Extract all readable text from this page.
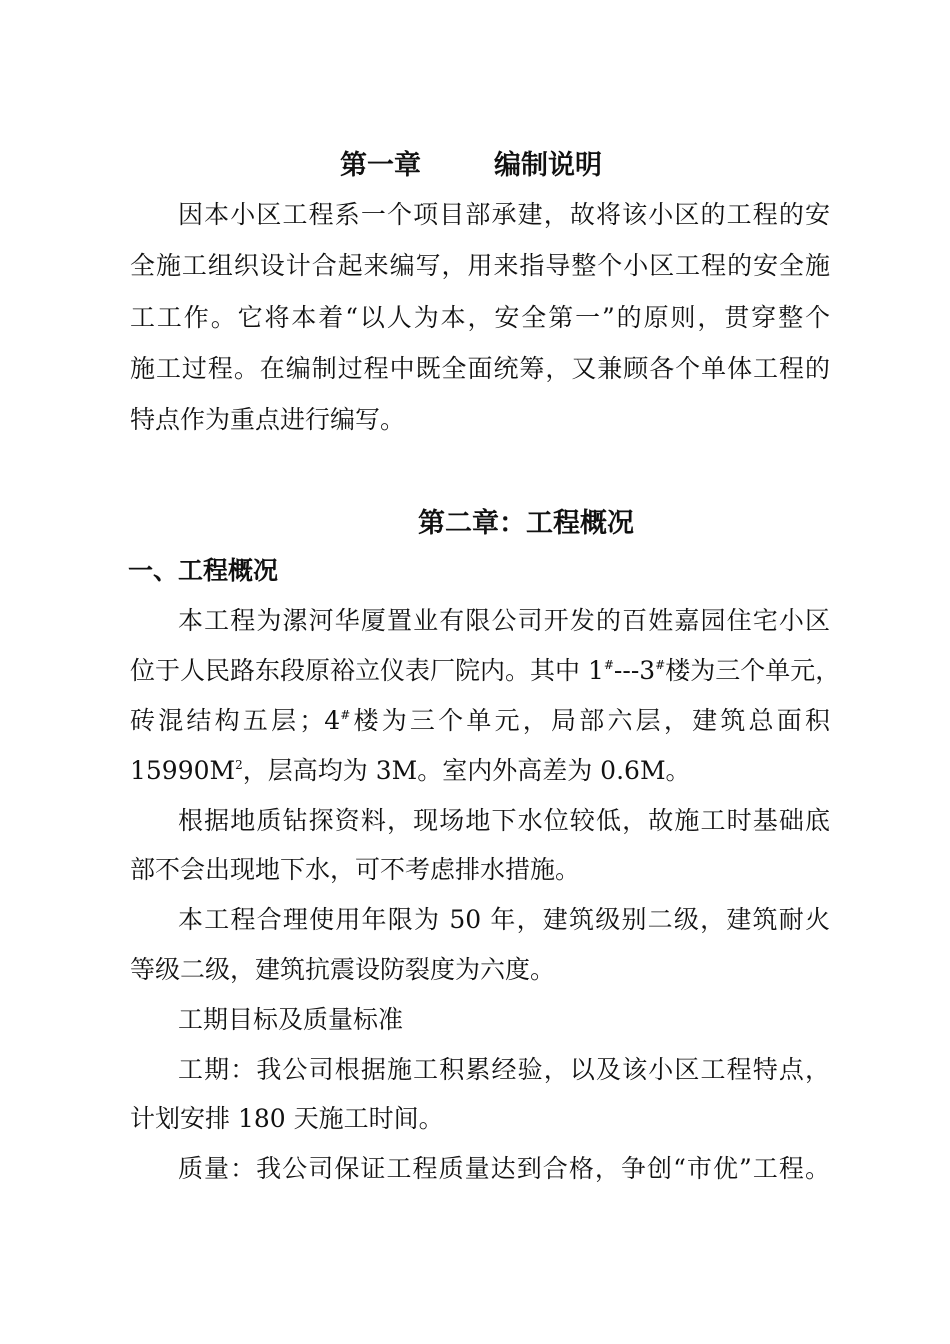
第一章	编制说明
因本小区工程系一个项目部承建，故将该小区的工程的安
全施工组织设计合起来编写，用来指导整个小区工程的安全施
工工作。它将本着“以人为本，安全第一”的原则，贯穿整个
施工过程。在编制过程中既全面统筹，又兼顾各个单体工程的
特点作为重点进行编写。
第二章：工程概况
一、工程概况
本工程为漯河华厦置业有限公司开发的百姓嘉园住宅小区
位于人民路东段原裕立仪表厂院内。其中 1#---3#楼为三个单元，
砖混结构五层；4#楼为三个单元，局部六层，建筑总面积
$15990M^2$，层高均为 3M。室内外高差为 0.6M。
根据地质钻探资料，现场地下水位较低，故施工时基础底
部不会出现地下水，可不考虑排水措施。
本工程合理使用年限为 50 年，建筑级别二级，建筑耐火
等级二级，建筑抗震设防裂度为六度。
工期目标及质量标准
工期：我公司根据施工积累经验，以及该小区工程特点，
计划安排 180 天施工时间。
质量：我公司保证工程质量达到合格，争创“市优”工程。
